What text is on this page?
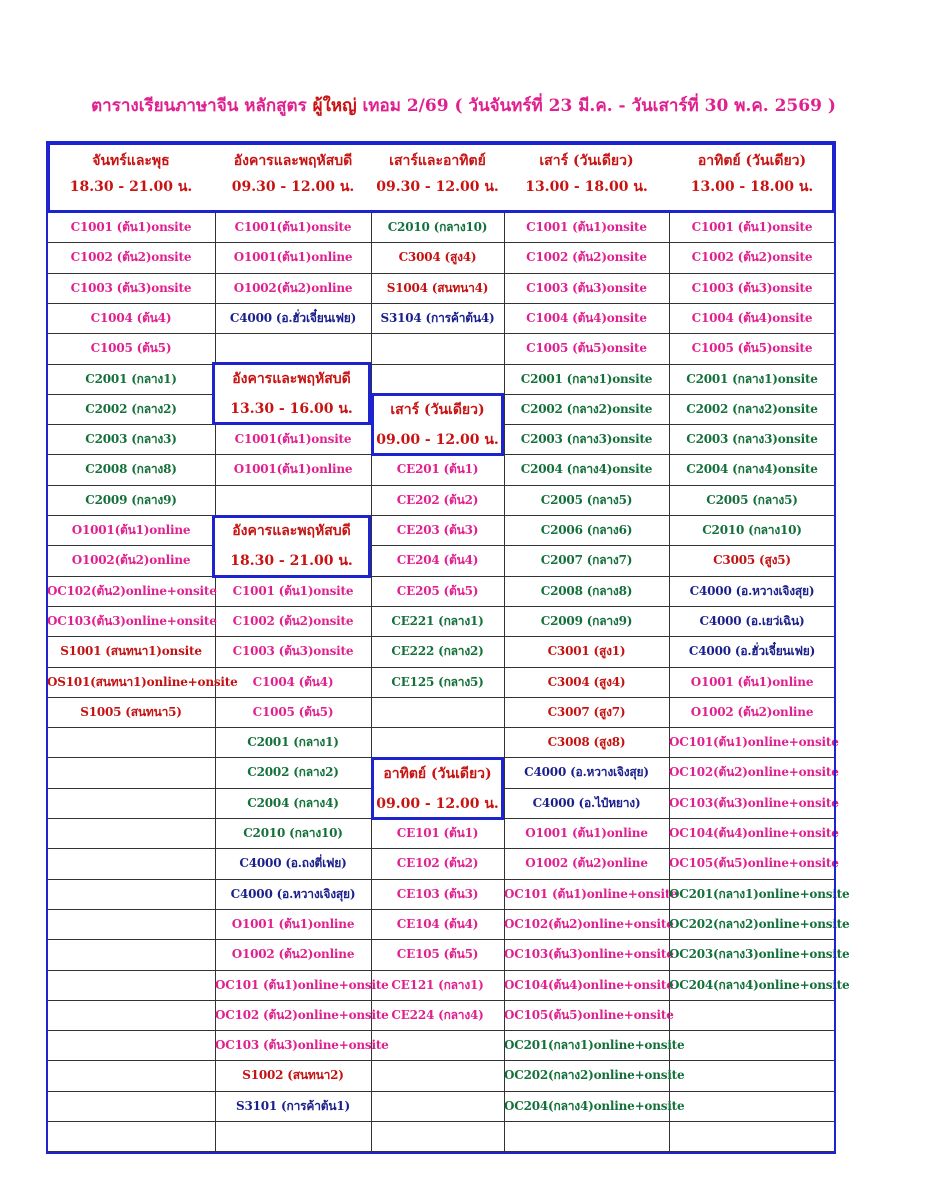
ตารางเรียนภาษาจีน หลักสูตร ผู้ใหญ่ เทอม 2/69 ( วันจันทร์ที่ 23 มี.ค. - วันเสาร์ที่ 30 พ.ค. 2569 )
จันทร์และพุธ
18.30 - 21.00 น.
อังคารและพฤหัสบดี
09.30 - 12.00 น.
เสาร์และอาทิตย์
09.30 - 12.00 น.
เสาร์ (วันเดียว)
13.00 - 18.00 น.
อาทิตย์ (วันเดียว)
13.00 - 18.00 น.
C1001 (ต้น1)onsite
C1002 (ต้น2)onsite
C1003 (ต้น3)onsite
C1004 (ต้น4)
C1005 (ต้น5)
C2001 (กลาง1)
C2002 (กลาง2)
C2003 (กลาง3)
C2008 (กลาง8)
C2009 (กลาง9)
O1001(ต้น1)online
O1002(ต้น2)online
OC102(ต้น2)online+onsite
OC103(ต้น3)online+onsite
S1001 (สนทนา1)onsite
OS101(สนทนา1)online+onsite
S1005 (สนทนา5)
C1001(ต้น1)onsite
O1001(ต้น1)online
O1002(ต้น2)online
C4000 (อ.ฮั่วเจี๋ยนเฟย)
C1001(ต้น1)onsite
O1001(ต้น1)online
C1001 (ต้น1)onsite
C1002 (ต้น2)onsite
C1003 (ต้น3)onsite
C1004 (ต้น4)
C1005 (ต้น5)
C2001 (กลาง1)
C2002 (กลาง2)
C2004 (กลาง4)
C2010 (กลาง10)
C4000 (อ.ถงตี่เฟย)
C4000 (อ.หวางเจิงสุย)
O1001 (ต้น1)online
O1002 (ต้น2)online
OC101 (ต้น1)online+onsite
OC102 (ต้น2)online+onsite
OC103 (ต้น3)online+onsite
S1002 (สนทนา2)
S3101 (การค้าต้น1)
C2010 (กลาง10)
C3004 (สูง4)
S1004 (สนทนา4)
S3104 (การค้าต้น4)
CE201 (ต้น1)
CE202 (ต้น2)
CE203 (ต้น3)
CE204 (ต้น4)
CE205 (ต้น5)
CE221 (กลาง1)
CE222 (กลาง2)
CE125 (กลาง5)
CE101 (ต้น1)
CE102 (ต้น2)
CE103 (ต้น3)
CE104 (ต้น4)
CE105 (ต้น5)
CE121 (กลาง1)
CE224 (กลาง4)
C1001 (ต้น1)onsite
C1002 (ต้น2)onsite
C1003 (ต้น3)onsite
C1004 (ต้น4)onsite
C1005 (ต้น5)onsite
C2001 (กลาง1)onsite
C2002 (กลาง2)onsite
C2003 (กลาง3)onsite
C2004 (กลาง4)onsite
C2005 (กลาง5)
C2006 (กลาง6)
C2007 (กลาง7)
C2008 (กลาง8)
C2009 (กลาง9)
C3001 (สูง1)
C3004 (สูง4)
C3007 (สูง7)
C3008 (สูง8)
C4000 (อ.หวางเจิงสุย)
C4000 (อ.ไป๋หยาง)
O1001 (ต้น1)online
O1002 (ต้น2)online
OC101 (ต้น1)online+onsite
OC102(ต้น2)online+onsite
OC103(ต้น3)online+onsite
OC104(ต้น4)online+onsite
OC105(ต้น5)online+onsite
OC201(กลาง1)online+onsite
OC202(กลาง2)online+onsite
OC204(กลาง4)online+onsite
C1001 (ต้น1)onsite
C1002 (ต้น2)onsite
C1003 (ต้น3)onsite
C1004 (ต้น4)onsite
C1005 (ต้น5)onsite
C2001 (กลาง1)onsite
C2002 (กลาง2)onsite
C2003 (กลาง3)onsite
C2004 (กลาง4)onsite
C2005 (กลาง5)
C2010 (กลาง10)
C3005 (สูง5)
C4000 (อ.หวางเจิงสุย)
C4000 (อ.เยว่เฉิน)
C4000 (อ.ฮั่วเจี๋ยนเฟย)
O1001 (ต้น1)online
O1002 (ต้น2)online
OC101(ต้น1)online+onsite
OC102(ต้น2)online+onsite
OC103(ต้น3)online+onsite
OC104(ต้น4)online+onsite
OC105(ต้น5)online+onsite
OC201(กลาง1)online+onsite
OC202(กลาง2)online+onsite
OC203(กลาง3)online+onsite
OC204(กลาง4)online+onsite
อังคารและพฤหัสบดี
13.30 - 16.00 น.
อังคารและพฤหัสบดี
18.30 - 21.00 น.
เสาร์ (วันเดียว)
09.00 - 12.00 น.
อาทิตย์ (วันเดียว)
09.00 - 12.00 น.
